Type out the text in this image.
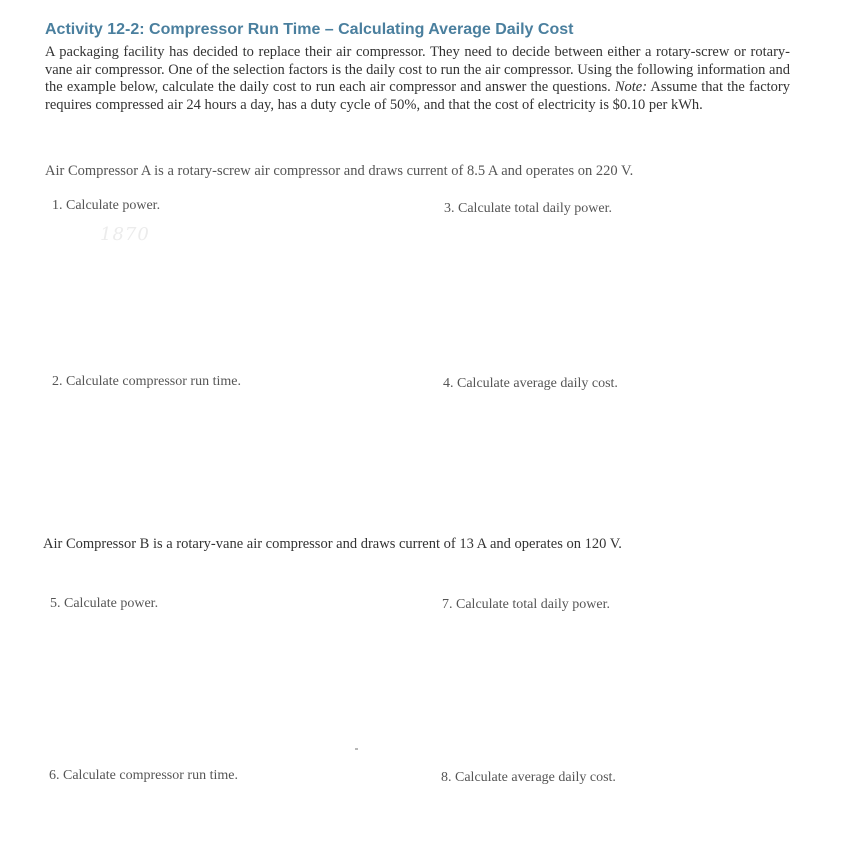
Activity 12-2: Compressor Run Time – Calculating Average Daily Cost
A packaging facility has decided to replace their air compressor. They need to decide between either a rotary-screw or rotary-vane air compressor. One of the selection factors is the daily cost to run the air compressor. Using the following information and the example below, calculate the daily cost to run each air compressor and answer the questions. Note: Assume that the factory requires compressed air 24 hours a day, has a duty cycle of 50%, and that the cost of electricity is $0.10 per kWh.
Air Compressor A is a rotary-screw air compressor and draws current of 8.5 A and operates on 220 V.
1. Calculate power.
1870
2. Calculate compressor run time.
3. Calculate total daily power.
4. Calculate average daily cost.
Air Compressor B is a rotary-vane air compressor and draws current of 13 A and operates on 120 V.
5. Calculate power.
6. Calculate compressor run time.
7. Calculate total daily power.
8. Calculate average daily cost.
